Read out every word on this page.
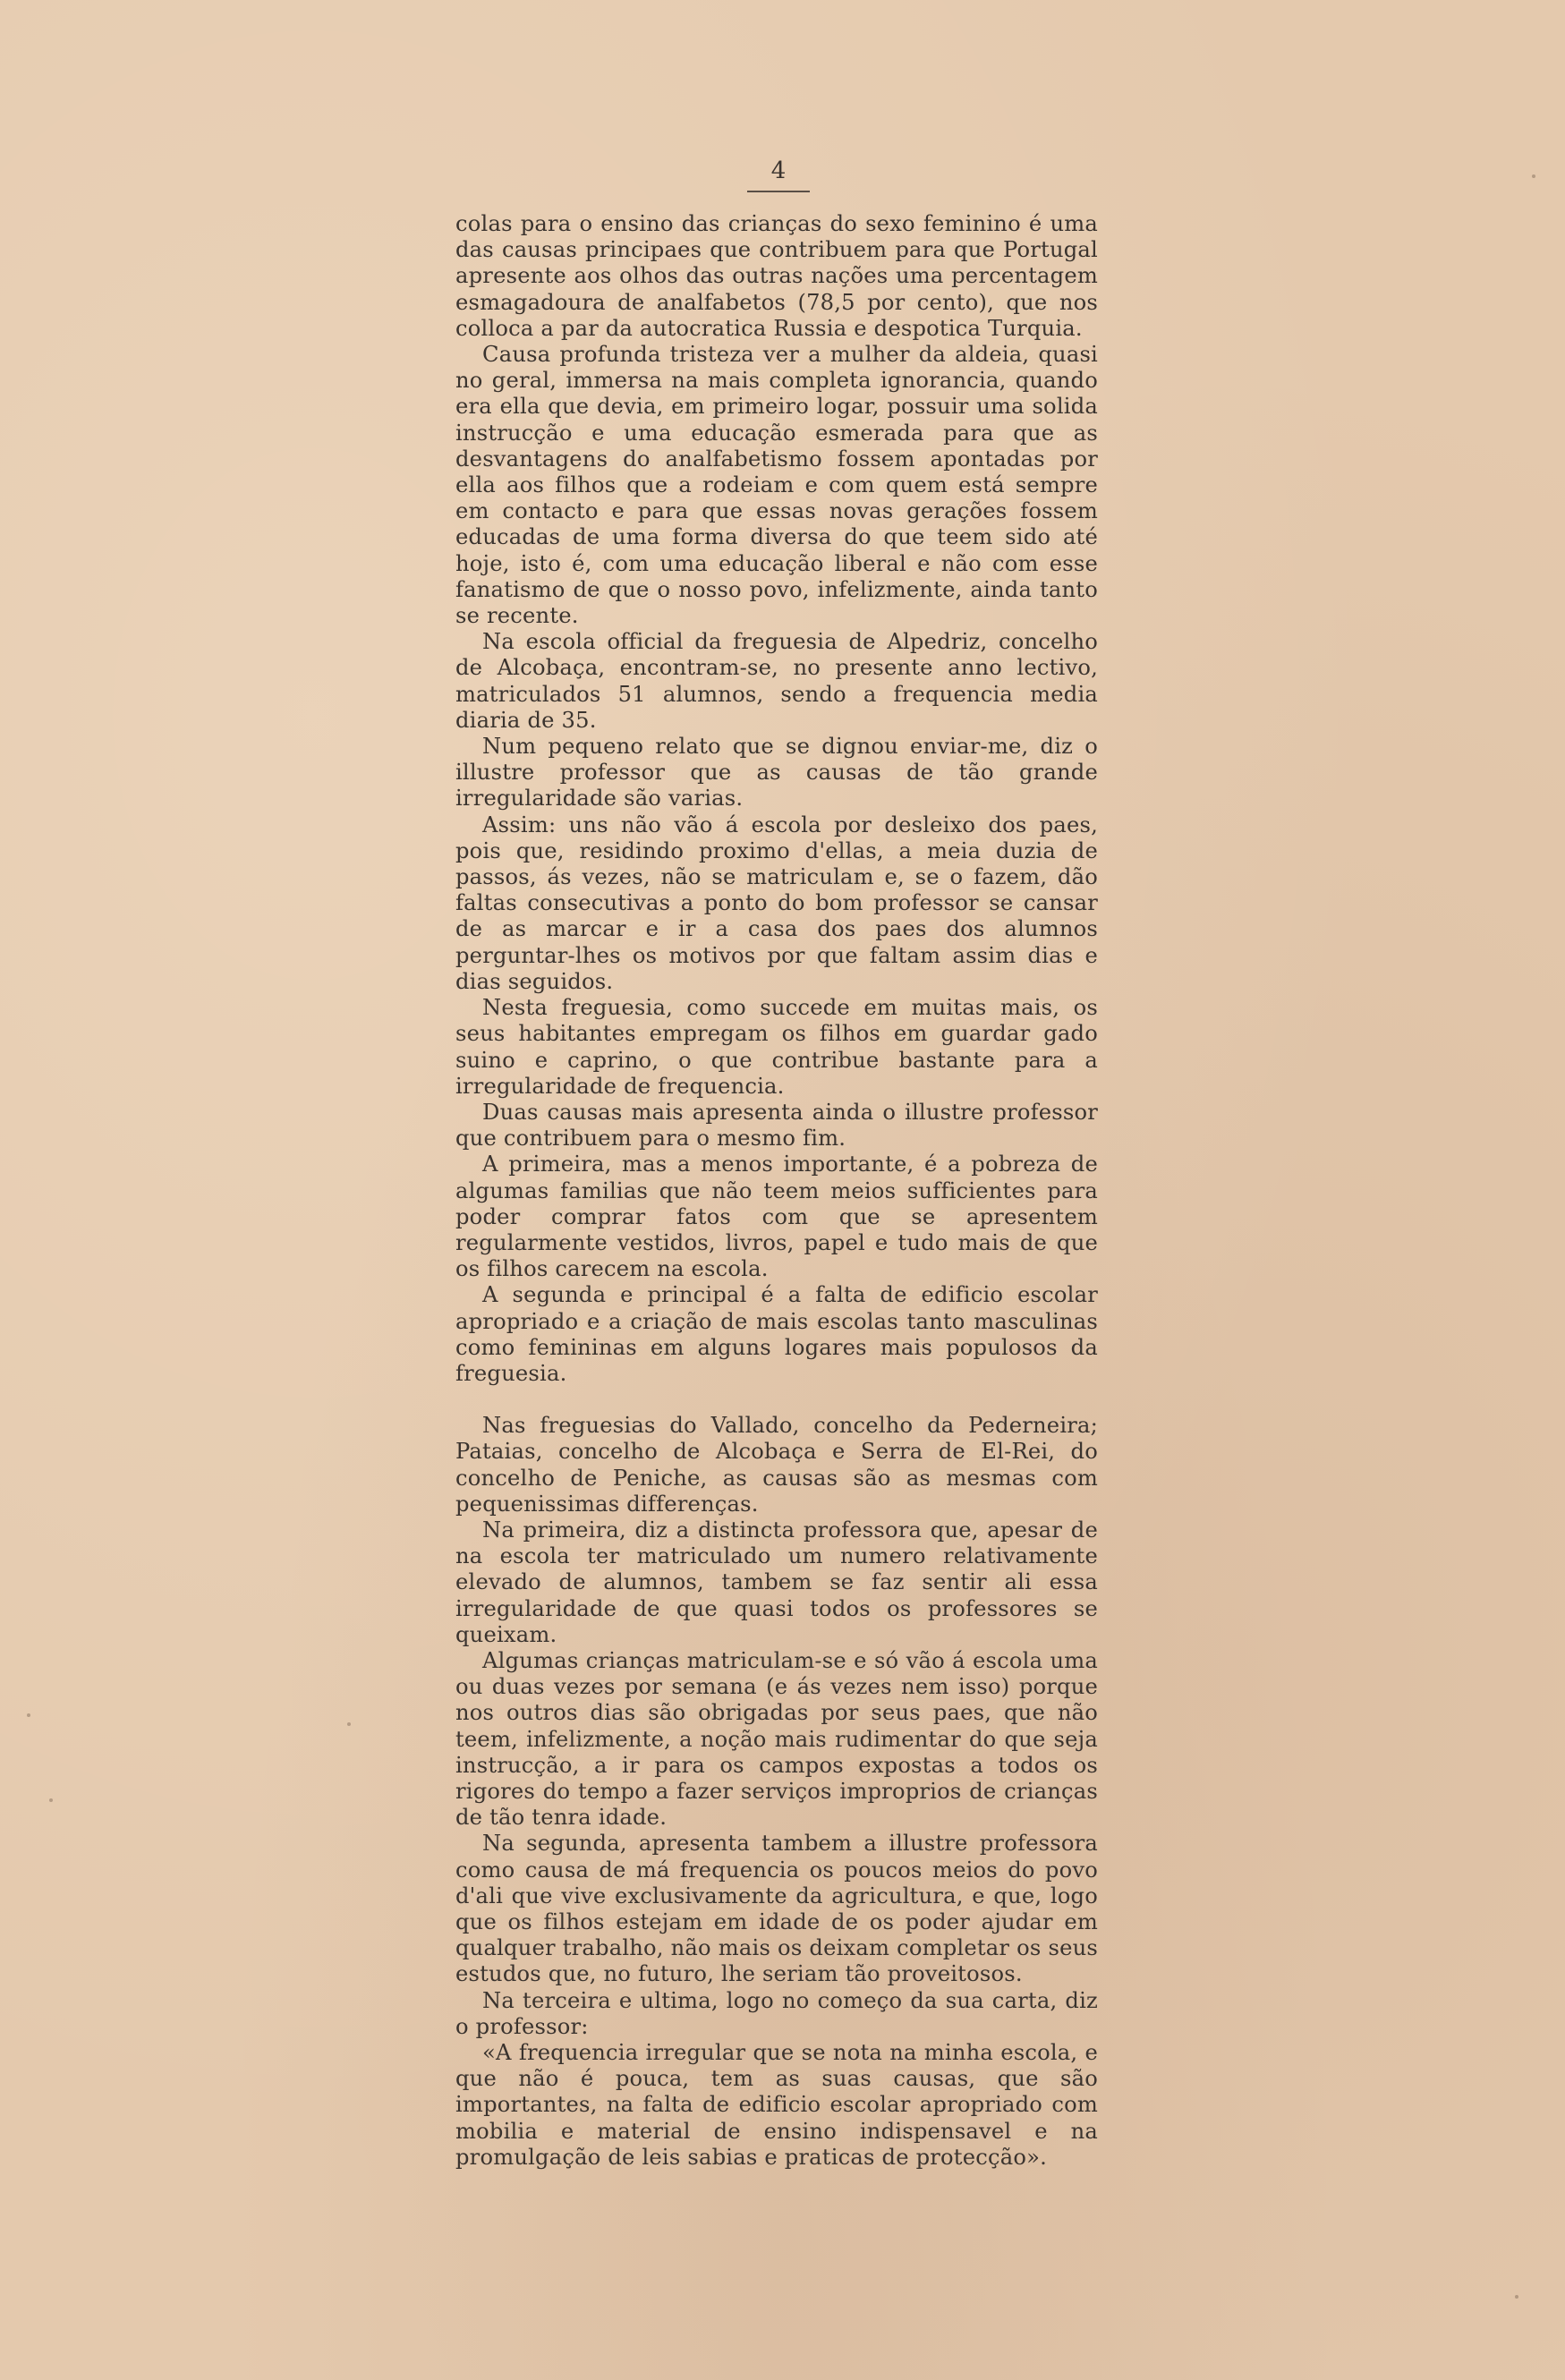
4

colas para o ensino das crianças do sexo feminino é uma das causas principaes que contribuem para que Portugal apresente aos olhos das outras nações uma percentagem esmagadoura de analfabetos (78,5 por cento), que nos colloca a par da autocratica Russia e despotica Turquia.

Causa profunda tristeza ver a mulher da aldeia, quasi no geral, immersa na mais completa ignorancia, quando era ella que devia, em primeiro logar, possuir uma solida instrucção e uma educação esmerada para que as desvantagens do analfabetismo fossem apontadas por ella aos filhos que a rodeiam e com quem está sempre em contacto e para que essas novas gerações fossem educadas de uma forma diversa do que teem sido até hoje, isto é, com uma educação liberal e não com esse fanatismo de que o nosso povo, infelizmente, ainda tanto se recente.

Na escola official da freguesia de Alpedriz, concelho de Alcobaça, encontram-se, no presente anno lectivo, matriculados 51 alumnos, sendo a frequencia media diaria de 35.

Num pequeno relato que se dignou enviar-me, diz o illustre professor que as causas de tão grande irregularidade são varias.

Assim: uns não vão á escola por desleixo dos paes, pois que, residindo proximo d'ellas, a meia duzia de passos, ás vezes, não se matriculam e, se o fazem, dão faltas consecutivas a ponto do bom professor se cansar de as marcar e ir a casa dos paes dos alumnos perguntar-lhes os motivos por que faltam assim dias e dias seguidos.

Nesta freguesia, como succede em muitas mais, os seus habitantes empregam os filhos em guardar gado suino e caprino, o que contribue bastante para a irregularidade de frequencia.

Duas causas mais apresenta ainda o illustre professor que contribuem para o mesmo fim.

A primeira, mas a menos importante, é a pobreza de algumas familias que não teem meios sufficientes para poder comprar fatos com que se apresentem regularmente vestidos, livros, papel e tudo mais de que os filhos carecem na escola.

A segunda e principal é a falta de edificio escolar apropriado e a criação de mais escolas tanto masculinas como femininas em alguns logares mais populosos da freguesia.

Nas freguesias do Vallado, concelho da Pederneira; Pataias, concelho de Alcobaça e Serra de El-Rei, do concelho de Peniche, as causas são as mesmas com pequenissimas differenças.

Na primeira, diz a distincta professora que, apesar de na escola ter matriculado um numero relativamente elevado de alumnos, tambem se faz sentir ali essa irregularidade de que quasi todos os professores se queixam.

Algumas crianças matriculam-se e só vão á escola uma ou duas vezes por semana (e ás vezes nem isso) porque nos outros dias são obrigadas por seus paes, que não teem, infelizmente, a noção mais rudimentar do que seja instrucção, a ir para os campos expostas a todos os rigores do tempo a fazer serviços improprios de crianças de tão tenra idade.

Na segunda, apresenta tambem a illustre professora como causa de má frequencia os poucos meios do povo d'ali que vive exclusivamente da agricultura, e que, logo que os filhos estejam em idade de os poder ajudar em qualquer trabalho, não mais os deixam completar os seus estudos que, no futuro, lhe seriam tão proveitosos.

Na terceira e ultima, logo no começo da sua carta, diz o professor:

«A frequencia irregular que se nota na minha escola, e que não é pouca, tem as suas causas, que são importantes, na falta de edificio escolar apropriado com mobilia e material de ensino indispensavel e na promulgação de leis sabias e praticas de protecção».
